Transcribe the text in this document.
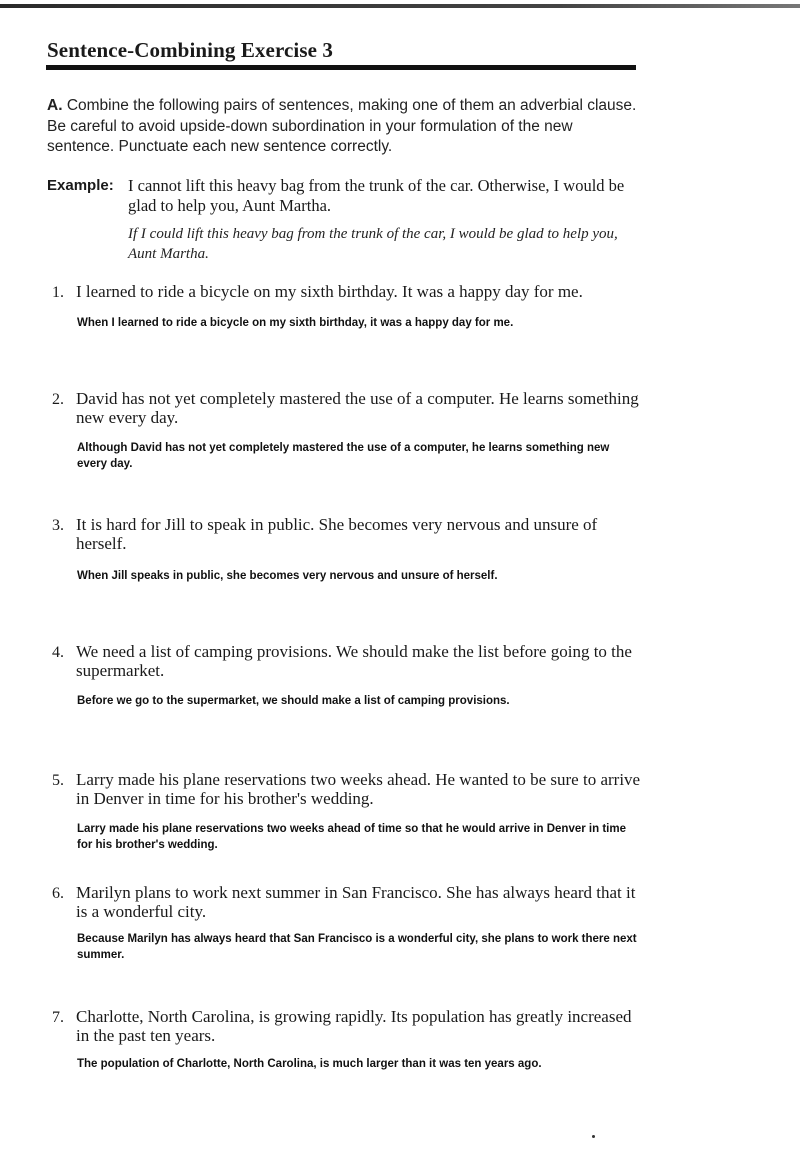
Sentence-Combining Exercise 3
A. Combine the following pairs of sentences, making one of them an adverbial clause. Be careful to avoid upside-down subordination in your formulation of the new sentence. Punctuate each new sentence correctly.
Example: I cannot lift this heavy bag from the trunk of the car. Otherwise, I would be glad to help you, Aunt Martha.
If I could lift this heavy bag from the trunk of the car, I would be glad to help you, Aunt Martha.
1. I learned to ride a bicycle on my sixth birthday. It was a happy day for me.
When I learned to ride a bicycle on my sixth birthday, it was a happy day for me.
2. David has not yet completely mastered the use of a computer. He learns something new every day.
Although David has not yet completely mastered the use of a computer, he learns something new every day.
3. It is hard for Jill to speak in public. She becomes very nervous and unsure of herself.
When Jill speaks in public, she becomes very nervous and unsure of herself.
4. We need a list of camping provisions. We should make the list before going to the supermarket.
Before we go to the supermarket, we should make a list of camping provisions.
5. Larry made his plane reservations two weeks ahead. He wanted to be sure to arrive in Denver in time for his brother's wedding.
Larry made his plane reservations two weeks ahead of time so that he would arrive in Denver in time for his brother's wedding.
6. Marilyn plans to work next summer in San Francisco. She has always heard that it is a wonderful city.
Because Marilyn has always heard that San Francisco is a wonderful city, she plans to work there next summer.
7. Charlotte, North Carolina, is growing rapidly. Its population has greatly increased in the past ten years.
The population of Charlotte, North Carolina, is much larger than it was ten years ago.
